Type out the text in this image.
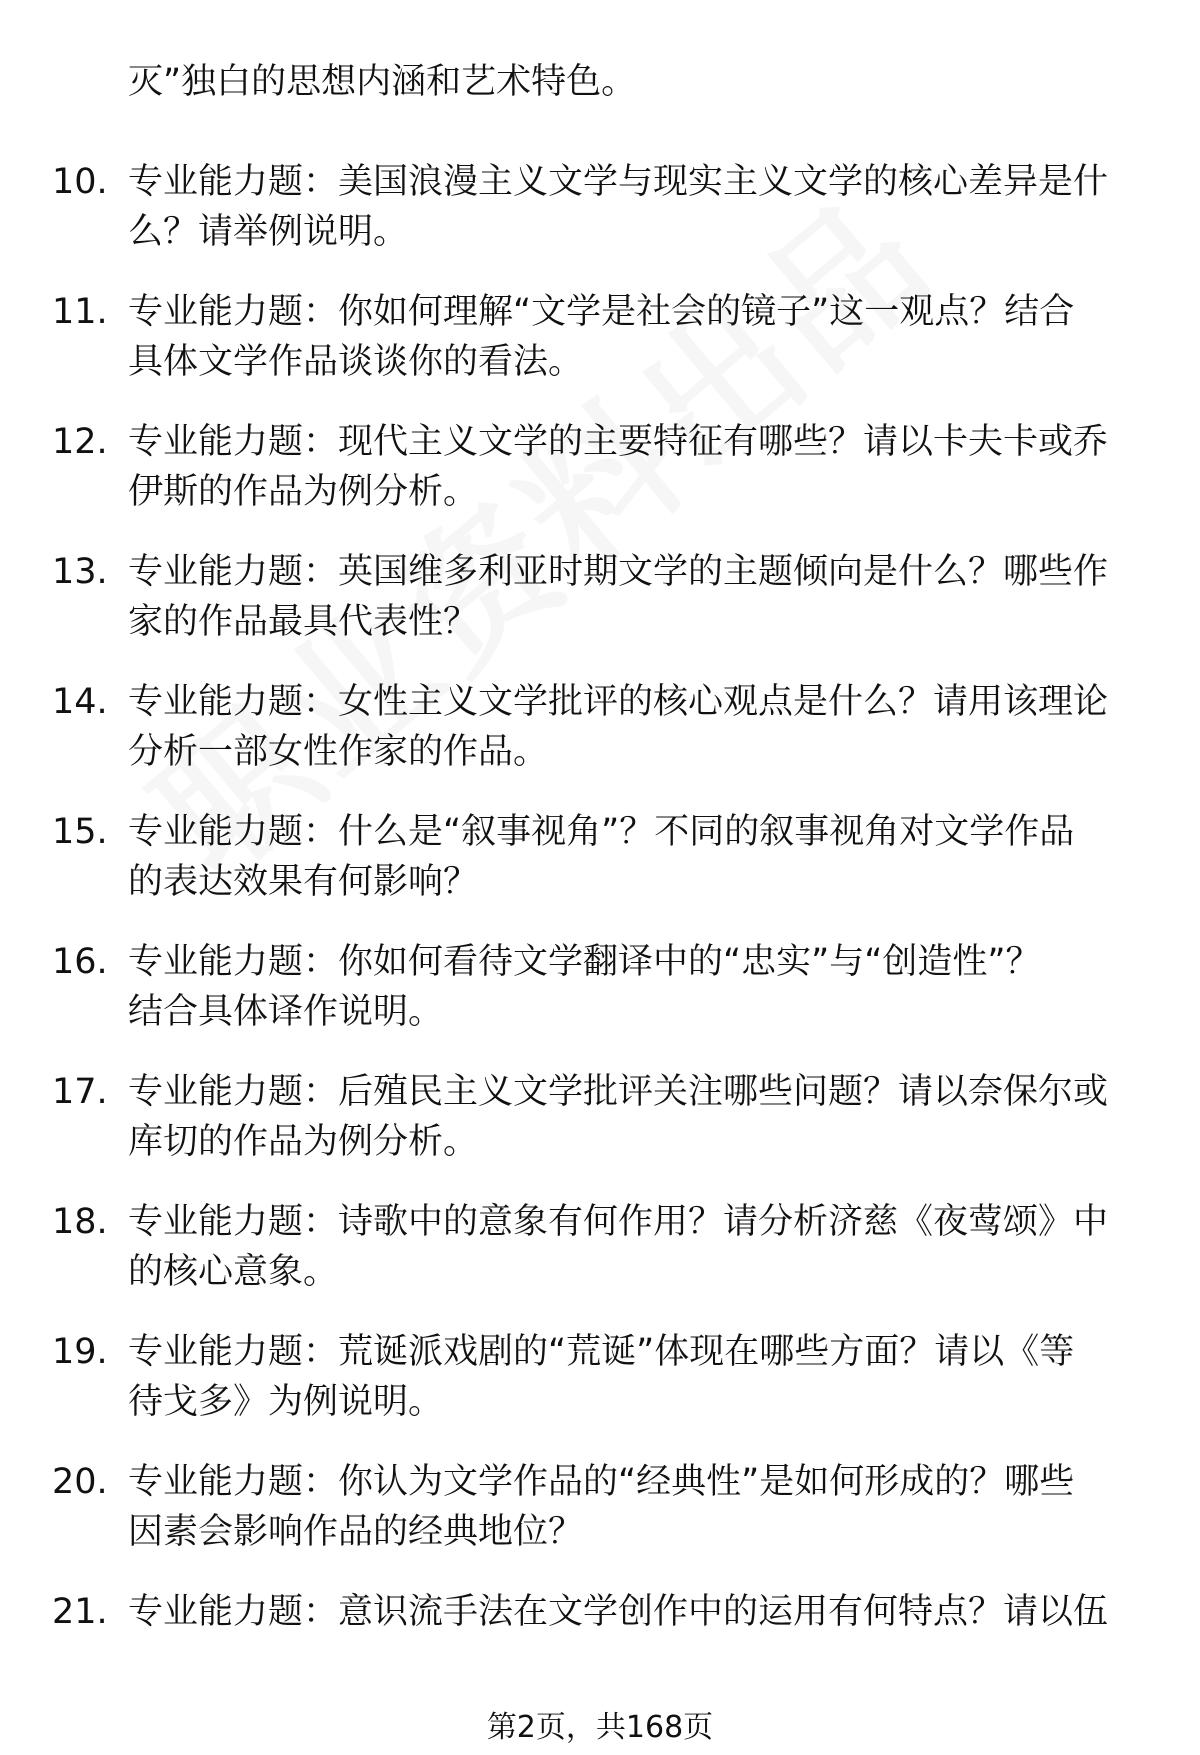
灭”独白的思想内涵和艺术特色。
10. 专业能力题：美国浪漫主义文学与现实主义文学的核心差异是什
么？请举例说明。
11. 专业能力题：你如何理解“文学是社会的镜子”这一观点？结合
具体文学作品谈谈你的看法。
12. 专业能力题：现代主义文学的主要特征有哪些？请以卡夫卡或乔
伊斯的作品为例分析。
13. 专业能力题：英国维多利亚时期文学的主题倾向是什么？哪些作
家的作品最具代表性？
14. 专业能力题：女性主义文学批评的核心观点是什么？请用该理论
分析一部女性作家的作品。
15. 专业能力题：什么是“叙事视角”？不同的叙事视角对文学作品
的表达效果有何影响？
16. 专业能力题：你如何看待文学翻译中的“忠实”与“创造性”？
结合具体译作说明。
17. 专业能力题：后殖民主义文学批评关注哪些问题？请以奈保尔或
库切的作品为例分析。
18. 专业能力题：诗歌中的意象有何作用？请分析济慈《夜莺颂》中
的核心意象。
19. 专业能力题：荒诞派戏剧的“荒诞”体现在哪些方面？请以《等
待戈多》为例说明。
20. 专业能力题：你认为文学作品的“经典性”是如何形成的？哪些
因素会影响作品的经典地位？
21. 专业能力题：意识流手法在文学创作中的运用有何特点？请以伍
第2页，共168页
